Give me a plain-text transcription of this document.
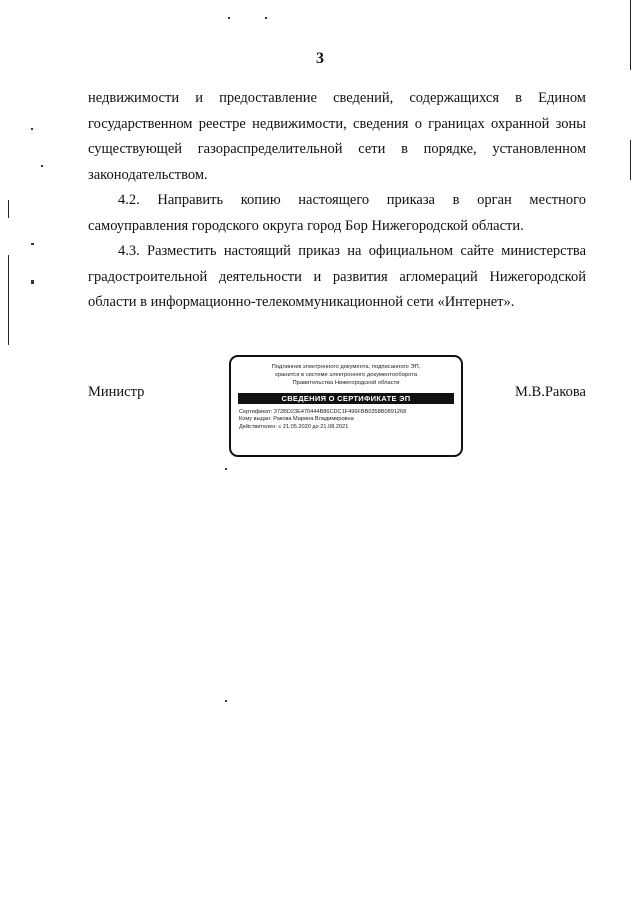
3

недвижимости и предоставление сведений, содержащихся в Едином государственном реестре недвижимости, сведения о границах охранной зоны существующей газораспределительной сети в порядке, установленном законодательством.

4.2. Направить копию настоящего приказа в орган местного самоуправления городского округа город Бор Нижегородской области.

4.3. Разместить настоящий приказ на официальном сайте министерства градостроительной деятельности и развития агломераций Нижегородской области в информационно-телекоммуникационной сети «Интернет».

Министр	М.В.Ракова
Подлинник электронного документа, подписанного ЭП,
хранится в системе электронного документооборота
Правительства Нижегородской области
СВЕДЕНИЯ О СЕРТИФИКАТЕ ЭП
Сертификат: 372BD23E470444B86CDC1F496FBB0358B0891268
Кому выдан: Ракова Марина Владимировна
Действителен: с 21.05.2020 до 21.08.2021
